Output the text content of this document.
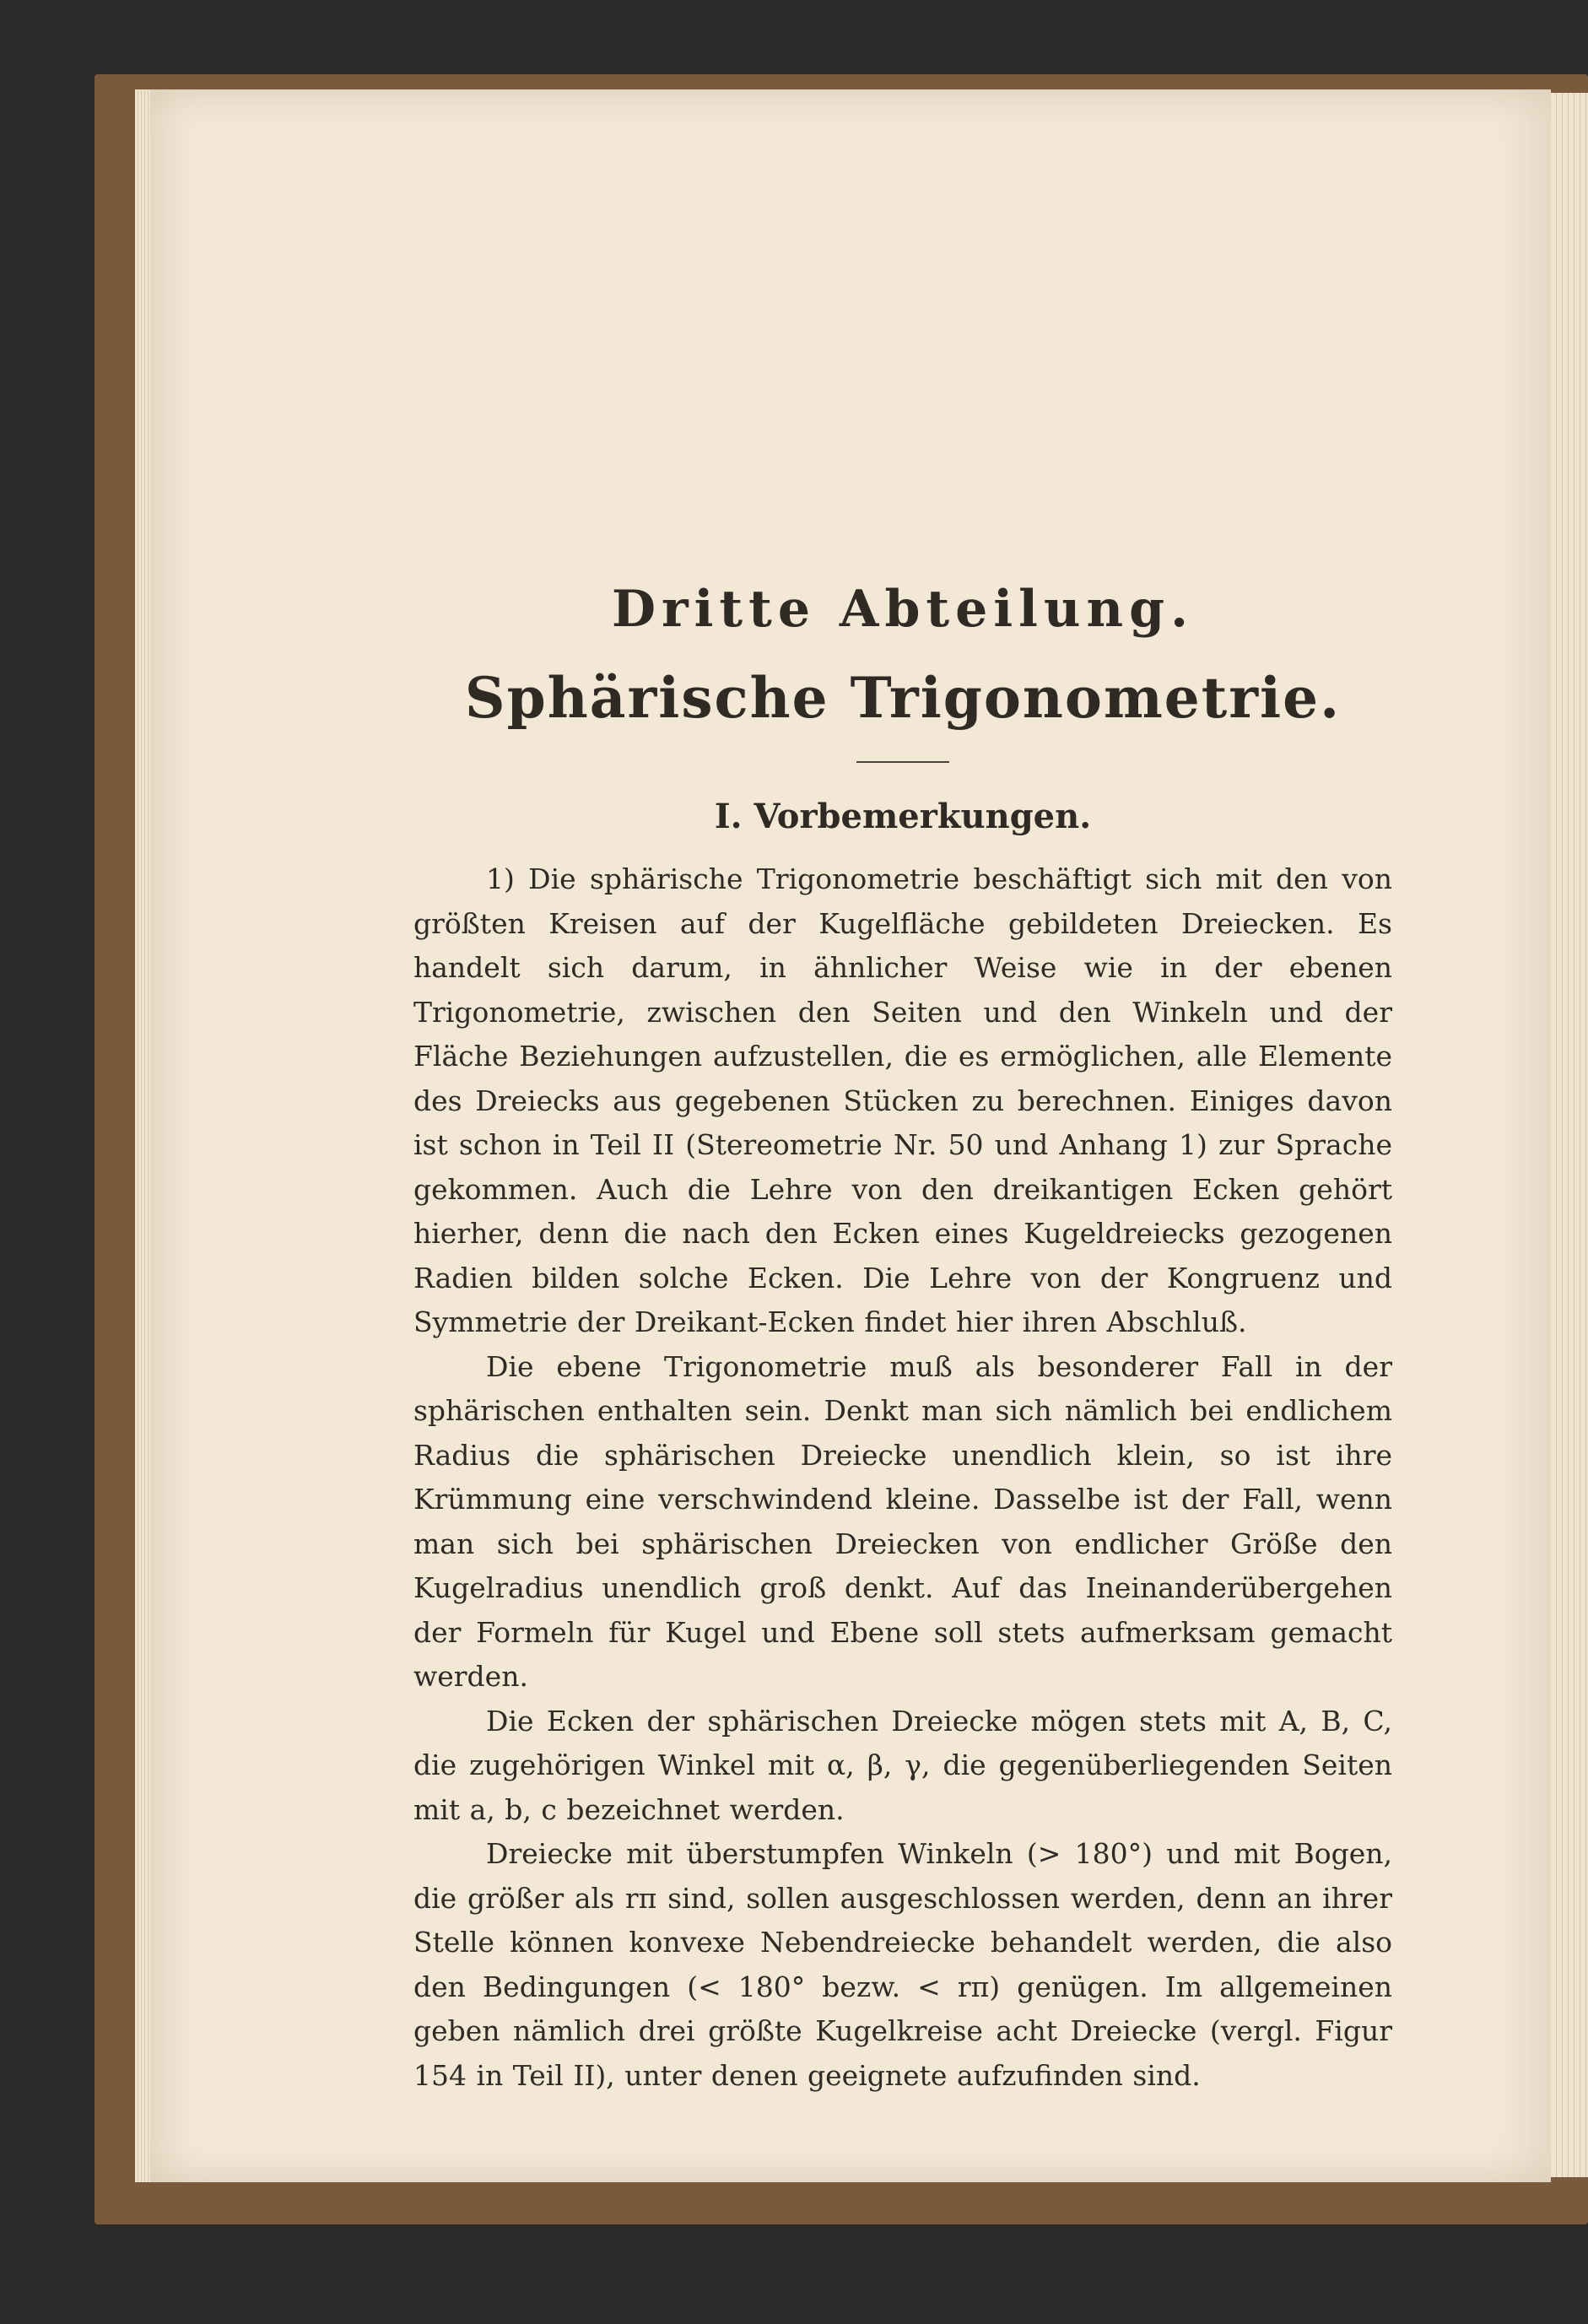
Dritte Abteilung.
Sphärische Trigonometrie.
I. Vorbemerkungen.

1) Die sphärische Trigonometrie beschäftigt sich mit den von größten Kreisen auf der Kugelfläche gebildeten Dreiecken. Es handelt sich darum, in ähnlicher Weise wie in der ebenen Trigonometrie, zwischen den Seiten und den Winkeln und der Fläche Beziehungen aufzustellen, die es ermöglichen, alle Elemente des Dreiecks aus gegebenen Stücken zu berechnen. Einiges davon ist schon in Teil II (Stereometrie Nr. 50 und Anhang 1) zur Sprache gekommen. Auch die Lehre von den dreikantigen Ecken gehört hierher, denn die nach den Ecken eines Kugeldreiecks gezogenen Radien bilden solche Ecken. Die Lehre von der Kongruenz und Symmetrie der Dreikant-Ecken findet hier ihren Abschluß.

Die ebene Trigonometrie muß als besonderer Fall in der sphärischen enthalten sein. Denkt man sich nämlich bei endlichem Radius die sphärischen Dreiecke unendlich klein, so ist ihre Krümmung eine verschwindend kleine. Dasselbe ist der Fall, wenn man sich bei sphärischen Dreiecken von endlicher Größe den Kugelradius unendlich groß denkt. Auf das Ineinanderübergehen der Formeln für Kugel und Ebene soll stets aufmerksam gemacht werden.

Die Ecken der sphärischen Dreiecke mögen stets mit A, B, C, die zugehörigen Winkel mit α, β, γ, die gegenüberliegenden Seiten mit a, b, c bezeichnet werden.

Dreiecke mit überstumpfen Winkeln (> 180°) und mit Bogen, die größer als rπ sind, sollen ausgeschlossen werden, denn an ihrer Stelle können konvexe Nebendreiecke behandelt werden, die also den Bedingungen (< 180° bezw. < rπ) genügen. Im allgemeinen geben nämlich drei größte Kugelkreise acht Dreiecke (vergl. Figur 154 in Teil II), unter denen geeignete aufzufinden sind.
